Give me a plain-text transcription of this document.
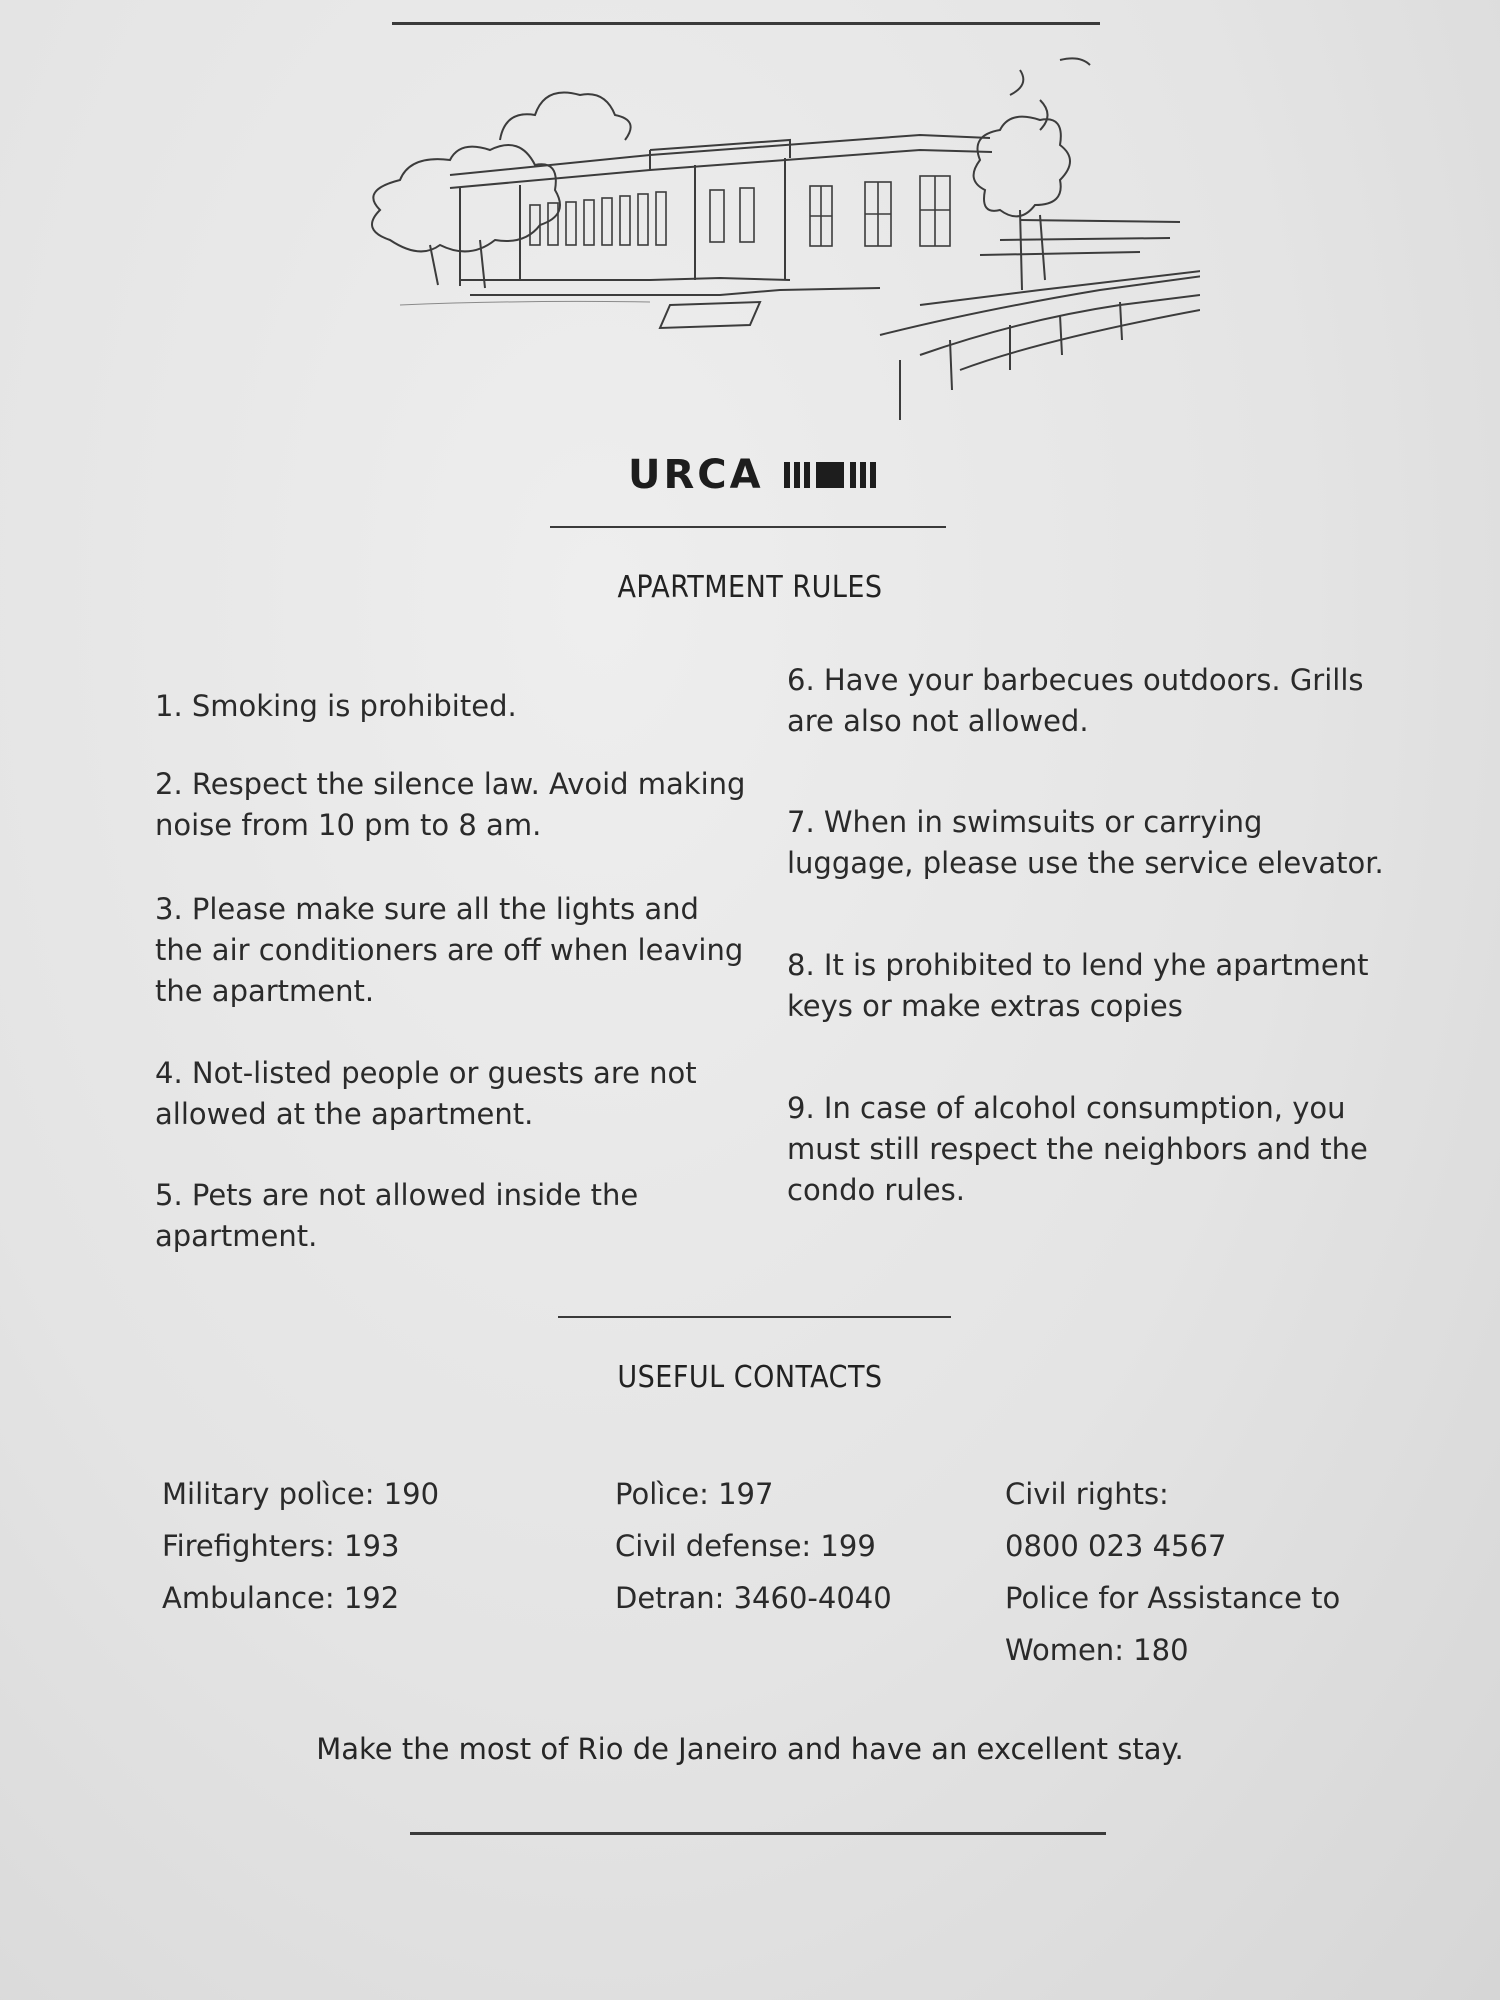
URCA
APARTMENT RULES

1. Smoking is prohibited.

2. Respect the silence law. Avoid making noise from 10 pm to 8 am.

3. Please make sure all the lights and the air conditioners are off when leaving the apartment.

4. Not-listed people or guests are not allowed at the apartment.

5. Pets are not allowed inside the apartment.

6. Have your barbecues outdoors. Grills are also not allowed.

7. When in swimsuits or carrying luggage, please use the service elevator.

8. It is prohibited to lend yhe apartment keys or make extras copies

9. In case of alcohol consumption, you must still respect the neighbors and the condo rules.

USEFUL CONTACTS
Military polìce: 190
Firefighters: 193
Ambulance: 192
Polìce: 197
Civil defense: 199
Detran: 3460-4040
Civil rights:
0800 023 4567
Police for Assistance to
Women: 180
Make the most of Rio de Janeiro and have an excellent stay.
